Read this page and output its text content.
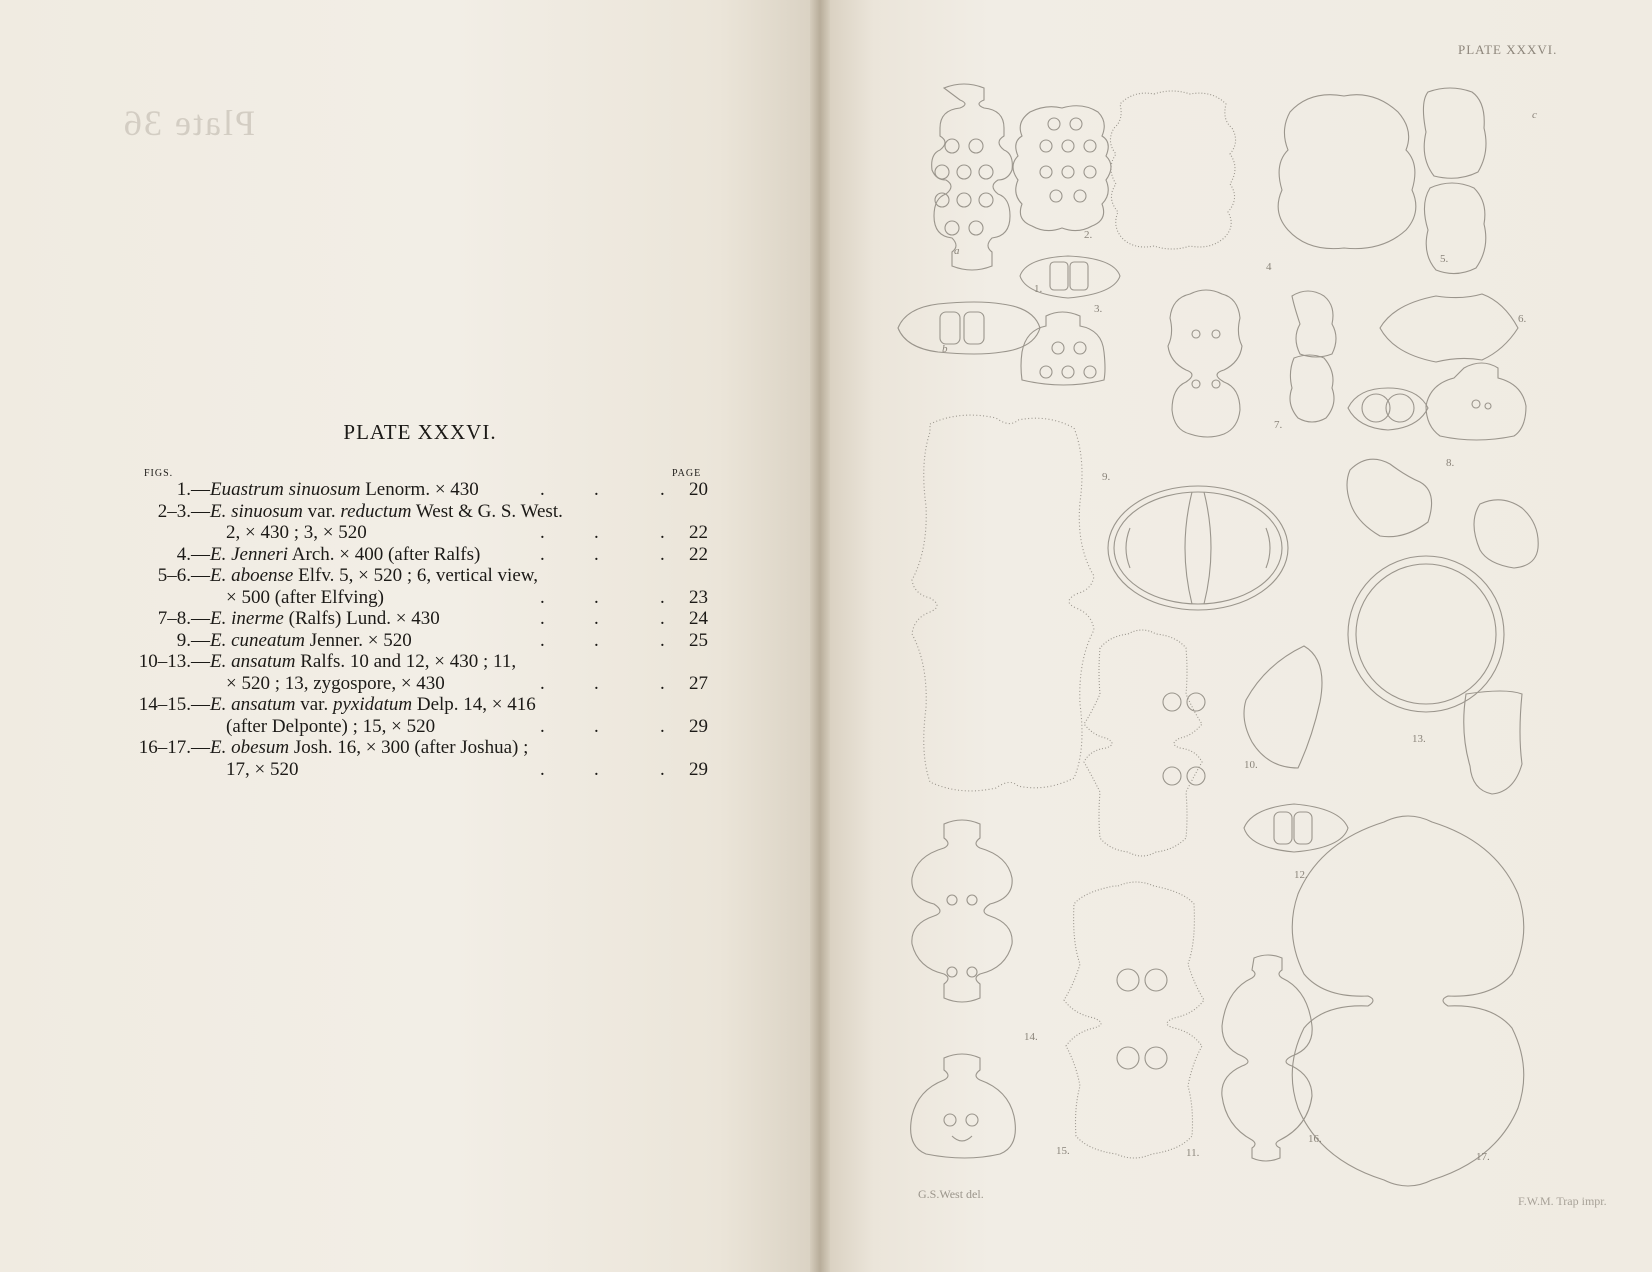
Plate 36
PLATE XXXVI.
FIGS.	PAGE
1.— Euastrum sinuosum Lenorm. × 430	20
.	.	.
2–3.— E. sinuosum var. reductum West & G. S. West.
2, × 430 ; 3, × 520	22
.	.	.
4.— E. Jenneri Arch. × 400 (after Ralfs)	22
.	.	.
5–6.— E. aboense Elfv. 5, × 520 ; 6, vertical view,
× 500 (after Elfving)	23
.	.	.
7–8.— E. inerme (Ralfs) Lund. × 430	24
.	.	.
9.— E. cuneatum Jenner. × 520	25
.	.	.
10–13.— E. ansatum Ralfs. 10 and 12, × 430 ; 11,
× 520 ; 13, zygospore, × 430	27
.	.	.
14–15.— E. ansatum var. pyxidatum Delp. 14, × 416
(after Delponte) ; 15, × 520	29
.	.	.
16–17.— E. obesum Josh. 16, × 300 (after Joshua) ;
17, × 520	29
.	.	.
PLATE XXXVI.
G.S.West del.	F.W.M. Trap impr.
1.
2.
3.
4
5.
6.
7.
8.
9.
10.
11.
12.
13.
14.
15.
16.
17.
a
b
c
